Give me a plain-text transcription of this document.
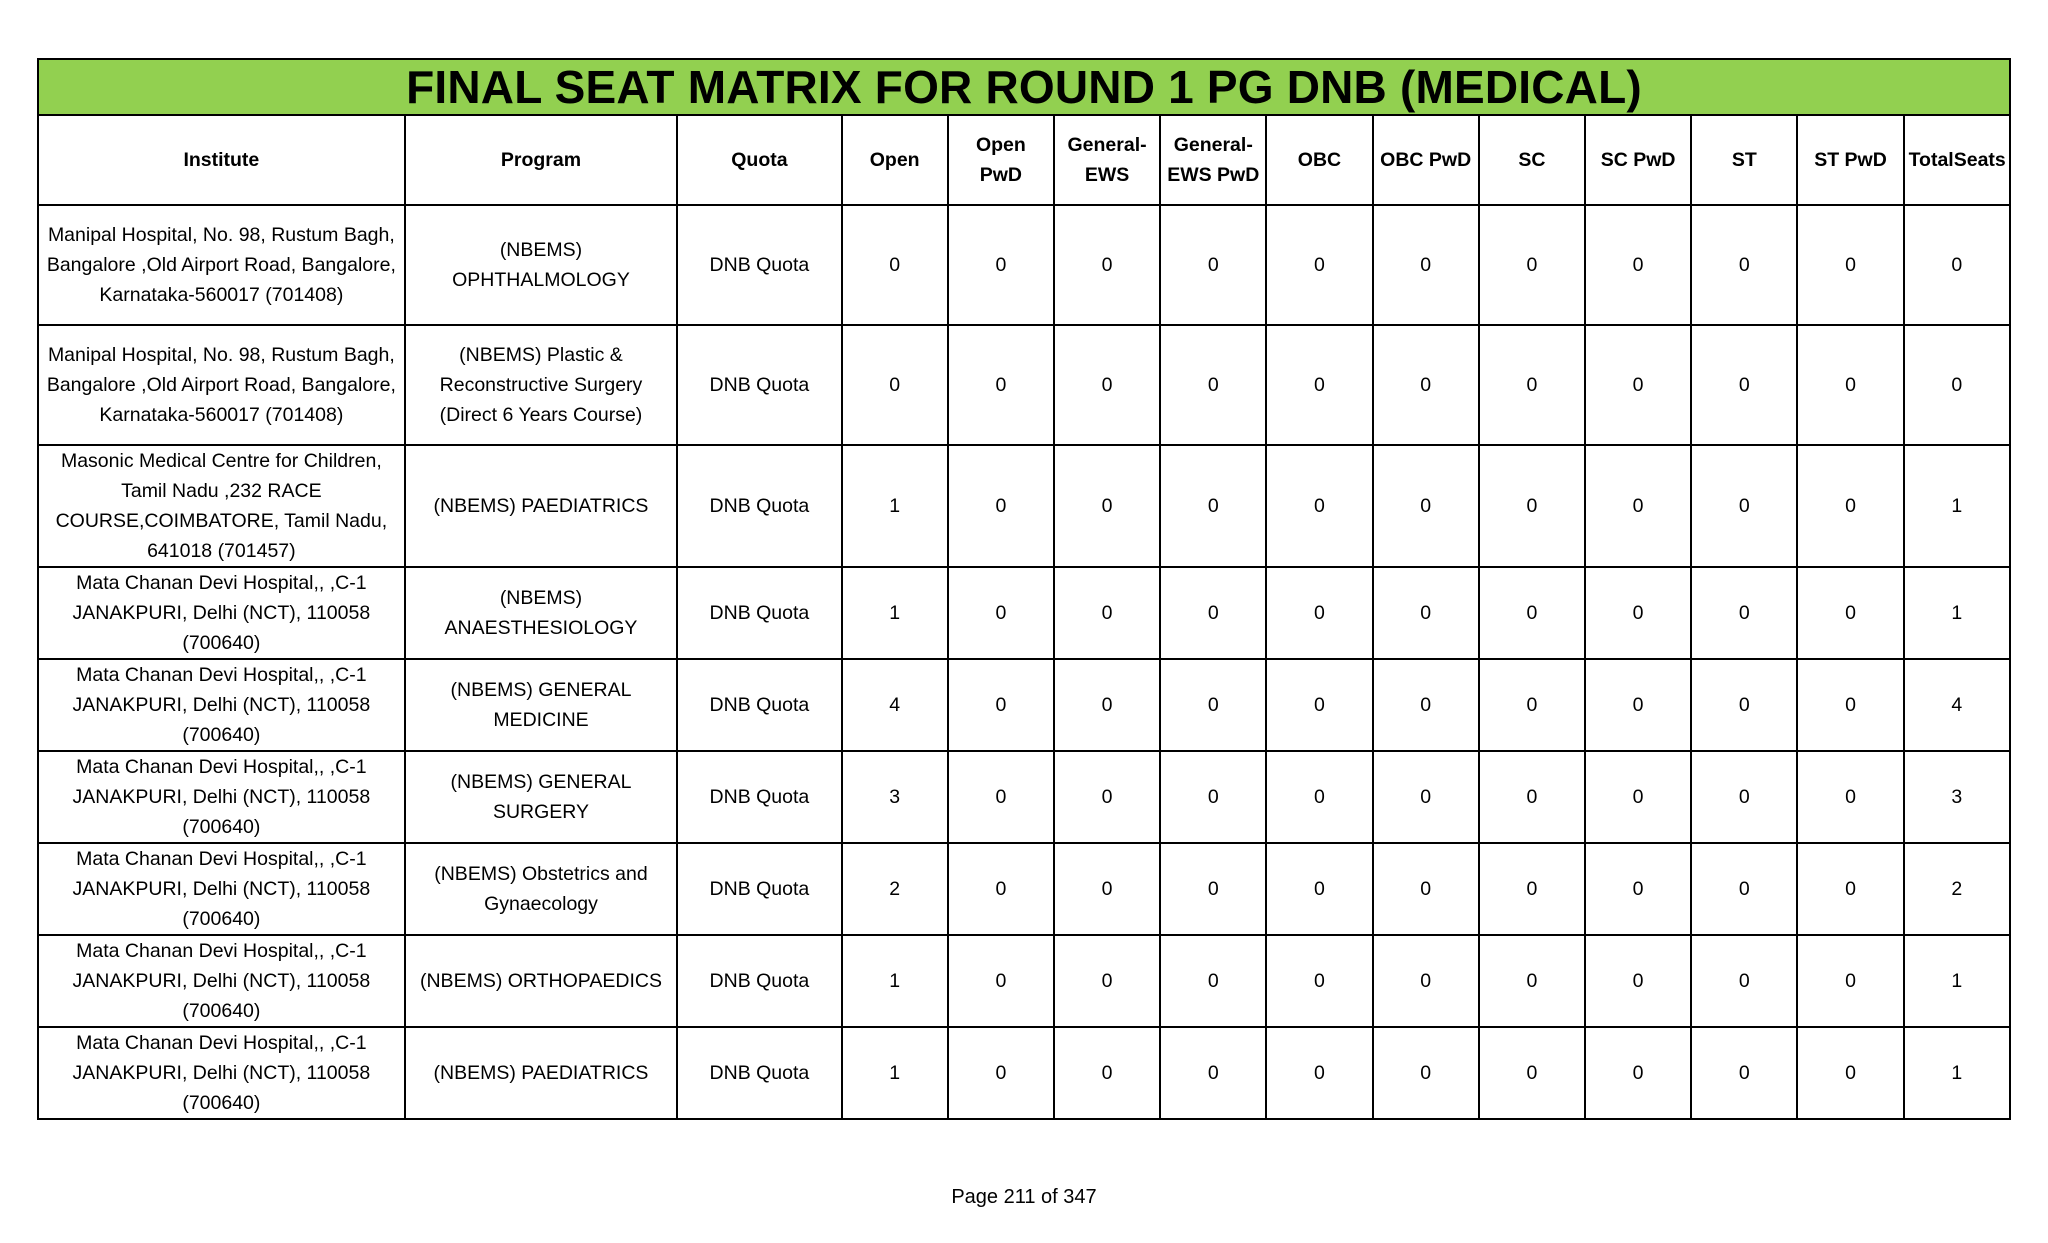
FINAL SEAT MATRIX FOR ROUND 1 PG DNB (MEDICAL)													
Institute	Program	Quota	Open	Open PwD	General-EWS	General-EWS PwD	OBC	OBC PwD	SC	SC PwD	ST	ST PwD	TotalSeats
Manipal Hospital, No. 98, Rustum Bagh, Bangalore ,Old Airport Road, Bangalore, Karnataka-560017 (701408)	(NBEMS) OPHTHALMOLOGY	DNB Quota	0	0	0	0	0	0	0	0	0	0	0
Manipal Hospital, No. 98, Rustum Bagh, Bangalore ,Old Airport Road, Bangalore, Karnataka-560017 (701408)	(NBEMS) Plastic & Reconstructive Surgery (Direct 6 Years Course)	DNB Quota	0	0	0	0	0	0	0	0	0	0	0
Masonic Medical Centre for Children, Tamil Nadu ,232 RACE COURSE,COIMBATORE, Tamil Nadu, 641018 (701457)	(NBEMS) PAEDIATRICS	DNB Quota	1	0	0	0	0	0	0	0	0	0	1
Mata Chanan Devi Hospital,, ,C-1 JANAKPURI, Delhi (NCT), 110058 (700640)	(NBEMS) ANAESTHESIOLOGY	DNB Quota	1	0	0	0	0	0	0	0	0	0	1
Mata Chanan Devi Hospital,, ,C-1 JANAKPURI, Delhi (NCT), 110058 (700640)	(NBEMS) GENERAL MEDICINE	DNB Quota	4	0	0	0	0	0	0	0	0	0	4
Mata Chanan Devi Hospital,, ,C-1 JANAKPURI, Delhi (NCT), 110058 (700640)	(NBEMS) GENERAL SURGERY	DNB Quota	3	0	0	0	0	0	0	0	0	0	3
Mata Chanan Devi Hospital,, ,C-1 JANAKPURI, Delhi (NCT), 110058 (700640)	(NBEMS) Obstetrics and Gynaecology	DNB Quota	2	0	0	0	0	0	0	0	0	0	2
Mata Chanan Devi Hospital,, ,C-1 JANAKPURI, Delhi (NCT), 110058 (700640)	(NBEMS) ORTHOPAEDICS	DNB Quota	1	0	0	0	0	0	0	0	0	0	1
Mata Chanan Devi Hospital,, ,C-1 JANAKPURI, Delhi (NCT), 110058 (700640)	(NBEMS) PAEDIATRICS	DNB Quota	1	0	0	0	0	0	0	0	0	0	1
Page 211 of 347
